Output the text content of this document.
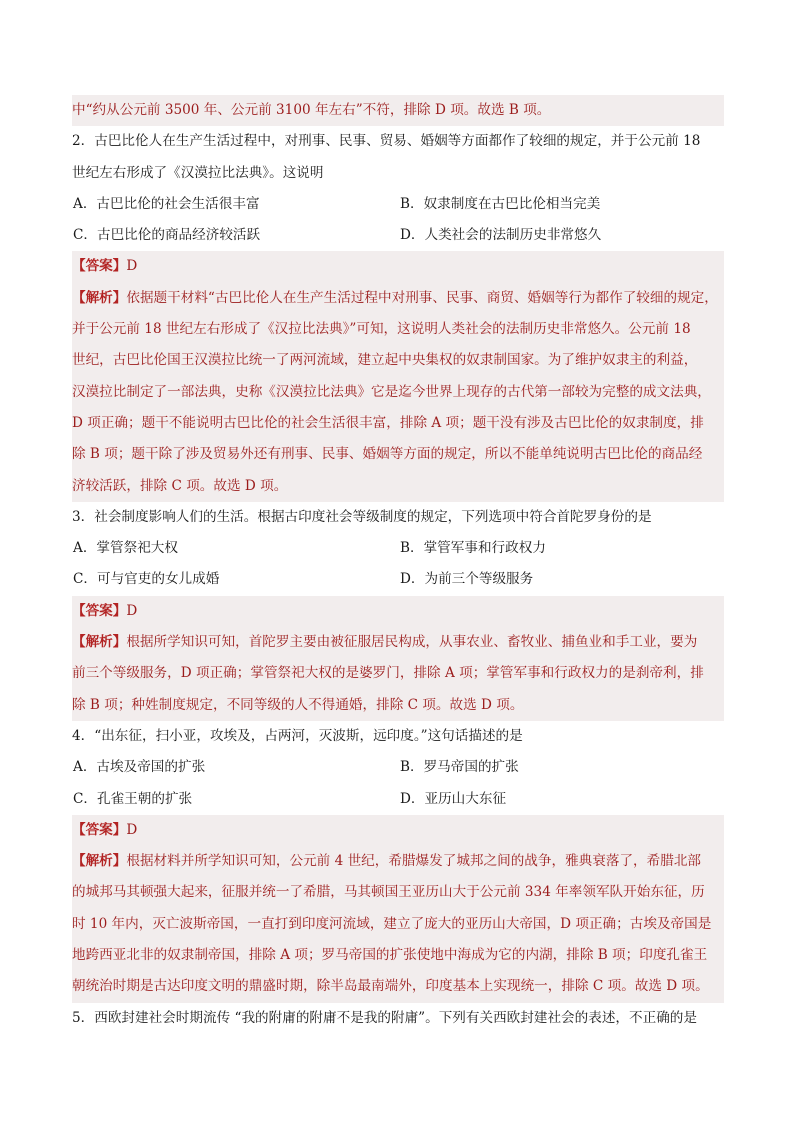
中“约从公元前 3500 年、公元前 3100 年左右”不符，排除 D 项。故选 B 项。
2．古巴比伦人在生产生活过程中，对刑事、民事、贸易、婚姻等方面都作了较细的规定，并于公元前 18
世纪左右形成了《汉漠拉比法典》。这说明
A．古巴比伦的社会生活很丰富	B．奴隶制度在古巴比伦相当完美
C．古巴比伦的商品经济较活跃	D．人类社会的法制历史非常悠久
【答案】D
【解析】依据题干材料“古巴比伦人在生产生活过程中对刑事、民事、商贸、婚姻等行为都作了较细的规定，
并于公元前 18 世纪左右形成了《汉拉比法典》”可知，这说明人类社会的法制历史非常悠久。公元前 18
世纪，古巴比伦国王汉漠拉比统一了两河流域，建立起中央集权的奴隶制国家。为了维护奴隶主的利益，
汉漠拉比制定了一部法典，史称《汉漠拉比法典》它是迄今世界上现存的古代第一部较为完整的成文法典，
D 项正确；题干不能说明古巴比伦的社会生活很丰富，排除 A 项；题干没有涉及古巴比伦的奴隶制度，排
除 B 项；题干除了涉及贸易外还有刑事、民事、婚姻等方面的规定，所以不能单纯说明古巴比伦的商品经
济较活跃，排除 C 项。故选 D 项。
3．社会制度影响人们的生活。根据古印度社会等级制度的规定，下列选项中符合首陀罗身份的是
A．掌管祭祀大权	B．掌管军事和行政权力
C．可与官吏的女儿成婚	D．为前三个等级服务
【答案】D
【解析】根据所学知识可知，首陀罗主要由被征服居民构成，从事农业、畜牧业、捕鱼业和手工业，要为
前三个等级服务，D 项正确；掌管祭祀大权的是婆罗门，排除 A 项；掌管军事和行政权力的是刹帝利，排
除 B 项；种姓制度规定，不同等级的人不得通婚，排除 C 项。故选 D 项。
4．“出东征，扫小亚，攻埃及，占两河，灭波斯，远印度。”这句话描述的是
A．古埃及帝国的扩张	B．罗马帝国的扩张
C．孔雀王朝的扩张	D．亚历山大东征
【答案】D
【解析】根据材料并所学知识可知，公元前 4 世纪，希腊爆发了城邦之间的战争，雅典衰落了，希腊北部
的城邦马其顿强大起来，征服并统一了希腊，马其顿国王亚历山大于公元前 334 年率领军队开始东征，历
时 10 年内，灭亡波斯帝国，一直打到印度河流域，建立了庞大的亚历山大帝国，D 项正确；古埃及帝国是
地跨西亚北非的奴隶制帝国，排除 A 项；罗马帝国的扩张使地中海成为它的内湖，排除 B 项；印度孔雀王
朝统治时期是古达印度文明的鼎盛时期，除半岛最南端外，印度基本上实现统一，排除 C 项。故选 D 项。
5．西欧封建社会时期流传 “我的附庸的附庸不是我的附庸”。下列有关西欧封建社会的表述，不正确的是
